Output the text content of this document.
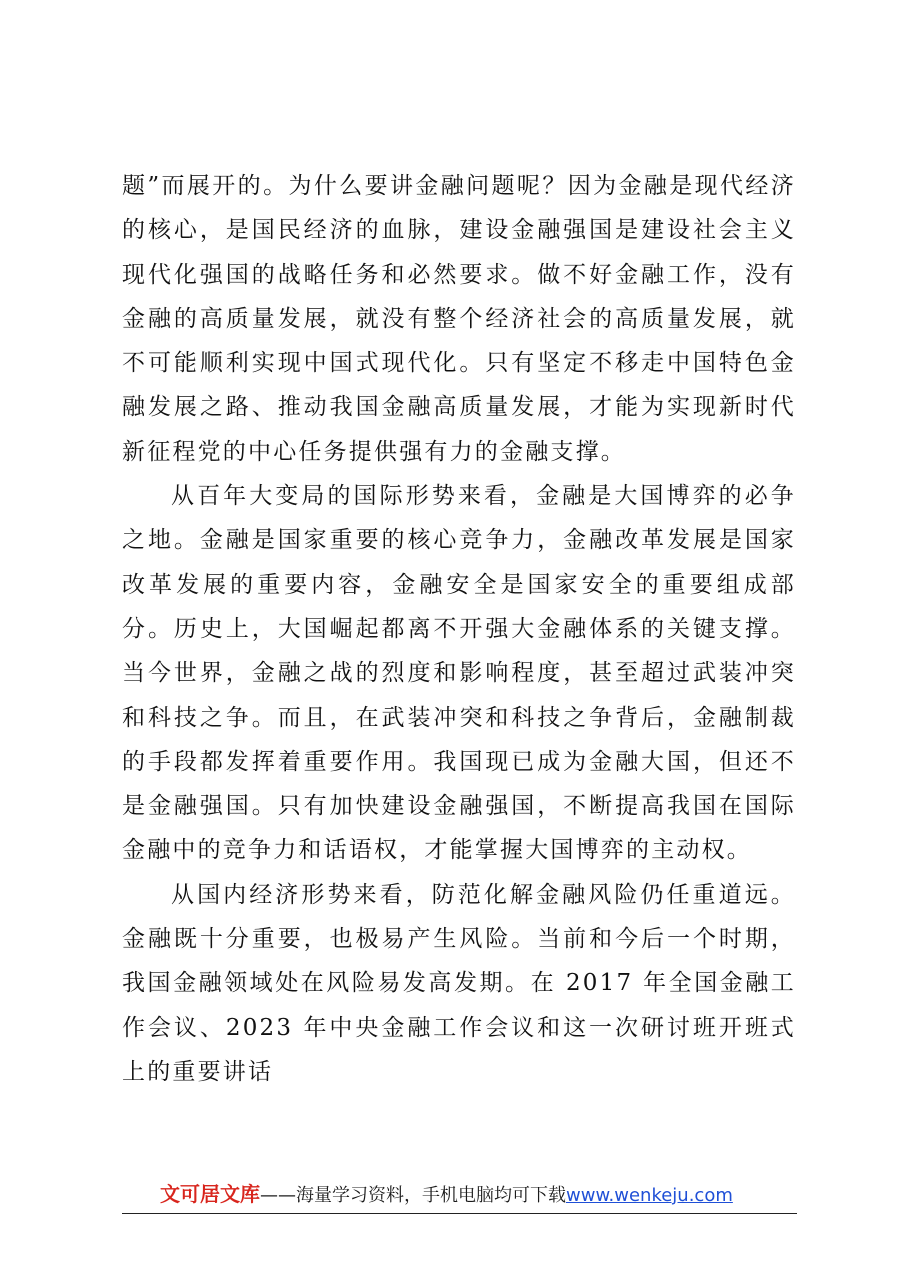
题”而展开的。为什么要讲金融问题呢？因为金融是现代经济的核心，是国民经济的血脉，建设金融强国是建设社会主义现代化强国的战略任务和必然要求。做不好金融工作，没有金融的高质量发展，就没有整个经济社会的高质量发展，就不可能顺利实现中国式现代化。只有坚定不移走中国特色金融发展之路、推动我国金融高质量发展，才能为实现新时代新征程党的中心任务提供强有力的金融支撑。

从百年大变局的国际形势来看，金融是大国博弈的必争之地。金融是国家重要的核心竞争力，金融改革发展是国家改革发展的重要内容，金融安全是国家安全的重要组成部分。历史上，大国崛起都离不开强大金融体系的关键支撑。当今世界，金融之战的烈度和影响程度，甚至超过武装冲突和科技之争。而且，在武装冲突和科技之争背后，金融制裁的手段都发挥着重要作用。我国现已成为金融大国，但还不是金融强国。只有加快建设金融强国，不断提高我国在国际金融中的竞争力和话语权，才能掌握大国博弈的主动权。

从国内经济形势来看，防范化解金融风险仍任重道远。金融既十分重要，也极易产生风险。当前和今后一个时期，我国金融领域处在风险易发高发期。在 2017 年全国金融工作会议、2023 年中央金融工作会议和这一次研讨班开班式上的重要讲话

文可居文库——海量学习资料，手机电脑均可下载www.wenkeju.com
